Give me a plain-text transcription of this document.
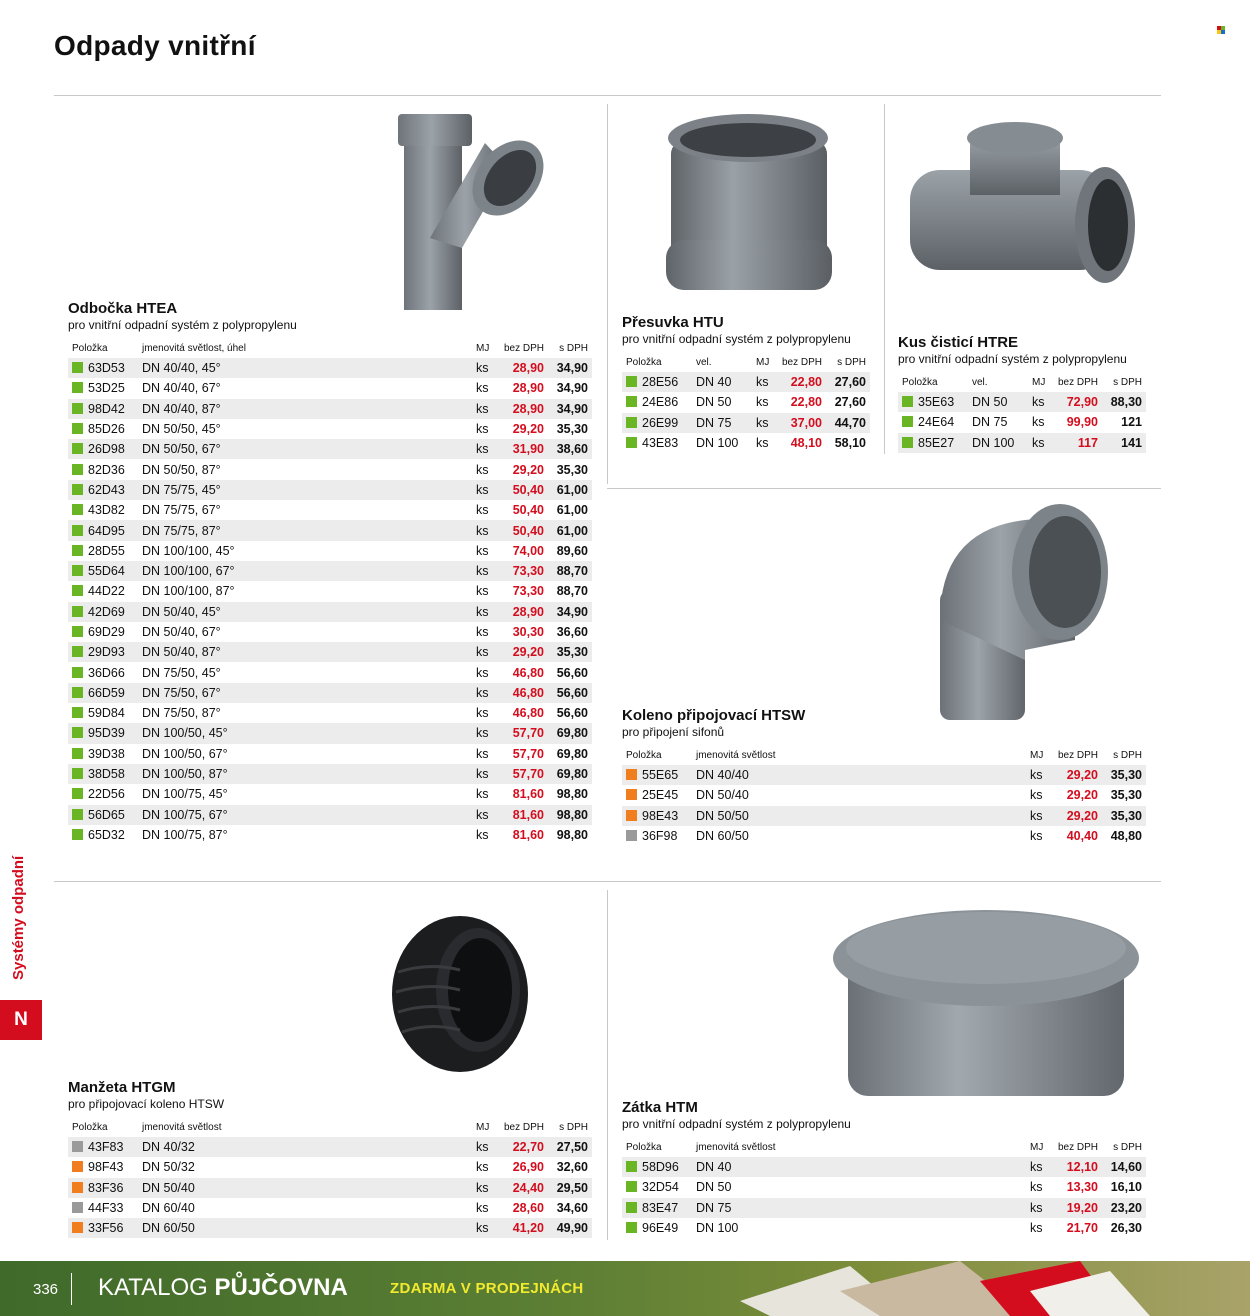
Odpady vnitřní
Systémy odpadní
N
Odbočka HTEA
pro vnitřní odpadní systém z polypropylenu
Položka	jmenovitá světlost, úhel	MJ	bez DPH	s DPH
63D53	DN 40/40, 45°	ks	28,90	34,90
53D25	DN 40/40, 67°	ks	28,90	34,90
98D42	DN 40/40, 87°	ks	28,90	34,90
85D26	DN 50/50, 45°	ks	29,20	35,30
26D98	DN 50/50, 67°	ks	31,90	38,60
82D36	DN 50/50, 87°	ks	29,20	35,30
62D43	DN 75/75, 45°	ks	50,40	61,00
43D82	DN 75/75, 67°	ks	50,40	61,00
64D95	DN 75/75, 87°	ks	50,40	61,00
28D55	DN 100/100, 45°	ks	74,00	89,60
55D64	DN 100/100, 67°	ks	73,30	88,70
44D22	DN 100/100, 87°	ks	73,30	88,70
42D69	DN 50/40, 45°	ks	28,90	34,90
69D29	DN 50/40, 67°	ks	30,30	36,60
29D93	DN 50/40, 87°	ks	29,20	35,30
36D66	DN 75/50, 45°	ks	46,80	56,60
66D59	DN 75/50, 67°	ks	46,80	56,60
59D84	DN 75/50, 87°	ks	46,80	56,60
95D39	DN 100/50, 45°	ks	57,70	69,80
39D38	DN 100/50, 67°	ks	57,70	69,80
38D58	DN 100/50, 87°	ks	57,70	69,80
22D56	DN 100/75, 45°	ks	81,60	98,80
56D65	DN 100/75, 67°	ks	81,60	98,80
65D32	DN 100/75, 87°	ks	81,60	98,80
Přesuvka HTU
pro vnitřní odpadní systém z polypropylenu
Položka	vel.	MJ	bez DPH	s DPH
28E56	DN 40	ks	22,80	27,60
24E86	DN 50	ks	22,80	27,60
26E99	DN 75	ks	37,00	44,70
43E83	DN 100	ks	48,10	58,10
Kus čisticí HTRE
pro vnitřní odpadní systém z polypropylenu
Položka	vel.	MJ	bez DPH	s DPH
35E63	DN 50	ks	72,90	88,30
24E64	DN 75	ks	99,90	121
85E27	DN 100	ks	117	141
Koleno připojovací HTSW
pro připojení sifonů
Položka	jmenovitá světlost	MJ	bez DPH	s DPH
55E65	DN 40/40	ks	29,20	35,30
25E45	DN 50/40	ks	29,20	35,30
98E43	DN 50/50	ks	29,20	35,30
36F98	DN 60/50	ks	40,40	48,80
Manžeta HTGM
pro připojovací koleno HTSW
Položka	jmenovitá světlost	MJ	bez DPH	s DPH
43F83	DN 40/32	ks	22,70	27,50
98F43	DN 50/32	ks	26,90	32,60
83F36	DN 50/40	ks	24,40	29,50
44F33	DN 60/40	ks	28,60	34,60
33F56	DN 60/50	ks	41,20	49,90
Zátka HTM
pro vnitřní odpadní systém z polypropylenu
Položka	jmenovitá světlost	MJ	bez DPH	s DPH
58D96	DN 40	ks	12,10	14,60
32D54	DN 50	ks	13,30	16,10
83E47	DN 75	ks	19,20	23,20
96E49	DN 100	ks	21,70	26,30
336 KATALOG PŮJČOVNA	ZDARMA V PRODEJNÁCH
